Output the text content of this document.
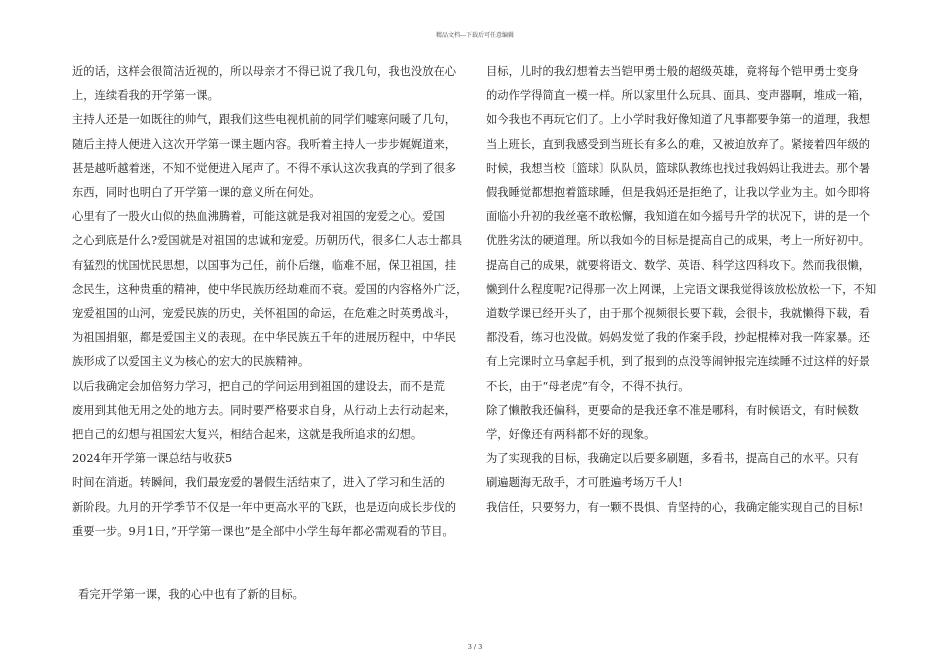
精品文档---下载后可任意编辑

近的话，这样会很简洁近视的，所以母亲才不得已说了我几句，我也没放在心

上，连续看我的开学第一课。

主持人还是一如既往的帅气，跟我们这些电视机前的同学们嘘寒问暖了几句，

随后主持人便进入这次开学第一课主题内容。我听着主持人一步步娓娓道来，

甚是越听越着迷，不知不觉便进入尾声了。不得不承认这次我真的学到了很多

东西，同时也明白了开学第一课的意义所在何处。

心里有了一股火山似的热血沸腾着，可能这就是我对祖国的宠爱之心。爱国

之心到底是什么?爱国就是对祖国的忠诚和宠爱。历朝历代，很多仁人志士都具

有猛烈的忧国忧民思想，以国事为己任，前仆后继，临难不屈，保卫祖国，挂

念民生，这种贵重的精神，使中华民族历经劫难而不衰。爱国的内容格外广泛，

宠爱祖国的山河，宠爱民族的历史，关怀祖国的命运，在危难之时英勇战斗，

为祖国捐躯，都是爱国主义的表现。在中华民族五千年的进展历程中，中华民

族形成了以爱国主义为核心的宏大的民族精神。

以后我确定会加倍努力学习，把自己的学问运用到祖国的建设去，而不是荒

废用到其他无用之处的地方去。同时要严格要求自身，从行动上去行动起来，

把自己的幻想与祖国宏大复兴，相结合起来，这就是我所追求的幻想。

2024年开学第一课总结与收获5

时间在消逝。转瞬间，我们最宠爱的暑假生活结束了，进入了学习和生活的

新阶段。九月的开学季节不仅是一年中更高水平的飞跃，也是迈向成长步伐的

重要一步。9月1日，”开学第一课也”是全部中小学生每年都必需观看的节目。

看完开学第一课，我的心中也有了新的目标。

目标，儿时的我幻想着去当铠甲勇士般的超级英雄，竟将每个铠甲勇士变身

的动作学得简直一模一样。所以家里什么玩具、面具、变声器啊，堆成一箱，

如今我也不再玩它们了。上小学时我好像知道了凡事都要争第一的道理，我想

当上班长，直到我感受到当班长有多么的难，又被迫放弃了。紧接着四年级的

时候，我想当校〔篮球〕队队员，篮球队教练也找过我妈妈让我进去。那个暑

假我睡觉都想抱着篮球睡，但是我妈还是拒绝了，让我以学业为主。如今即将

面临小升初的我丝毫不敢松懈，我知道在如今摇号升学的状况下，讲的是一个

优胜劣汰的硬道理。所以我如今的目标是提高自己的成果，考上一所好初中。

提高自己的成果，就要将语文、数学、英语、科学这四科攻下。然而我很懒，

懒到什么程度呢?记得那一次上网课，上完语文课我觉得该放松放松一下，不知

道数学课已经开头了，由于那个视频很长要下载，会很卡，我就懒得下载，看

都没看，练习也没做。妈妈发觉了我的作案手段，抄起棍棒对我一阵家暴。还

有上完课时立马拿起手机，到了报到的点没等闹钟报完连续睡不过这样的好景

不长，由于“母老虎”有令，不得不执行。

除了懒散我还偏科，更要命的是我还拿不准是哪科，有时候语文，有时候数

学，好像还有两科都不好的现象。

为了实现我的目标，我确定以后要多刷题，多看书，提高自己的水平。只有

刷遍题海无敌手，才可胜遍考场万千人!

我信任，只要努力，有一颗不畏惧、肯坚持的心，我确定能实现自己的目标!

3 / 3
